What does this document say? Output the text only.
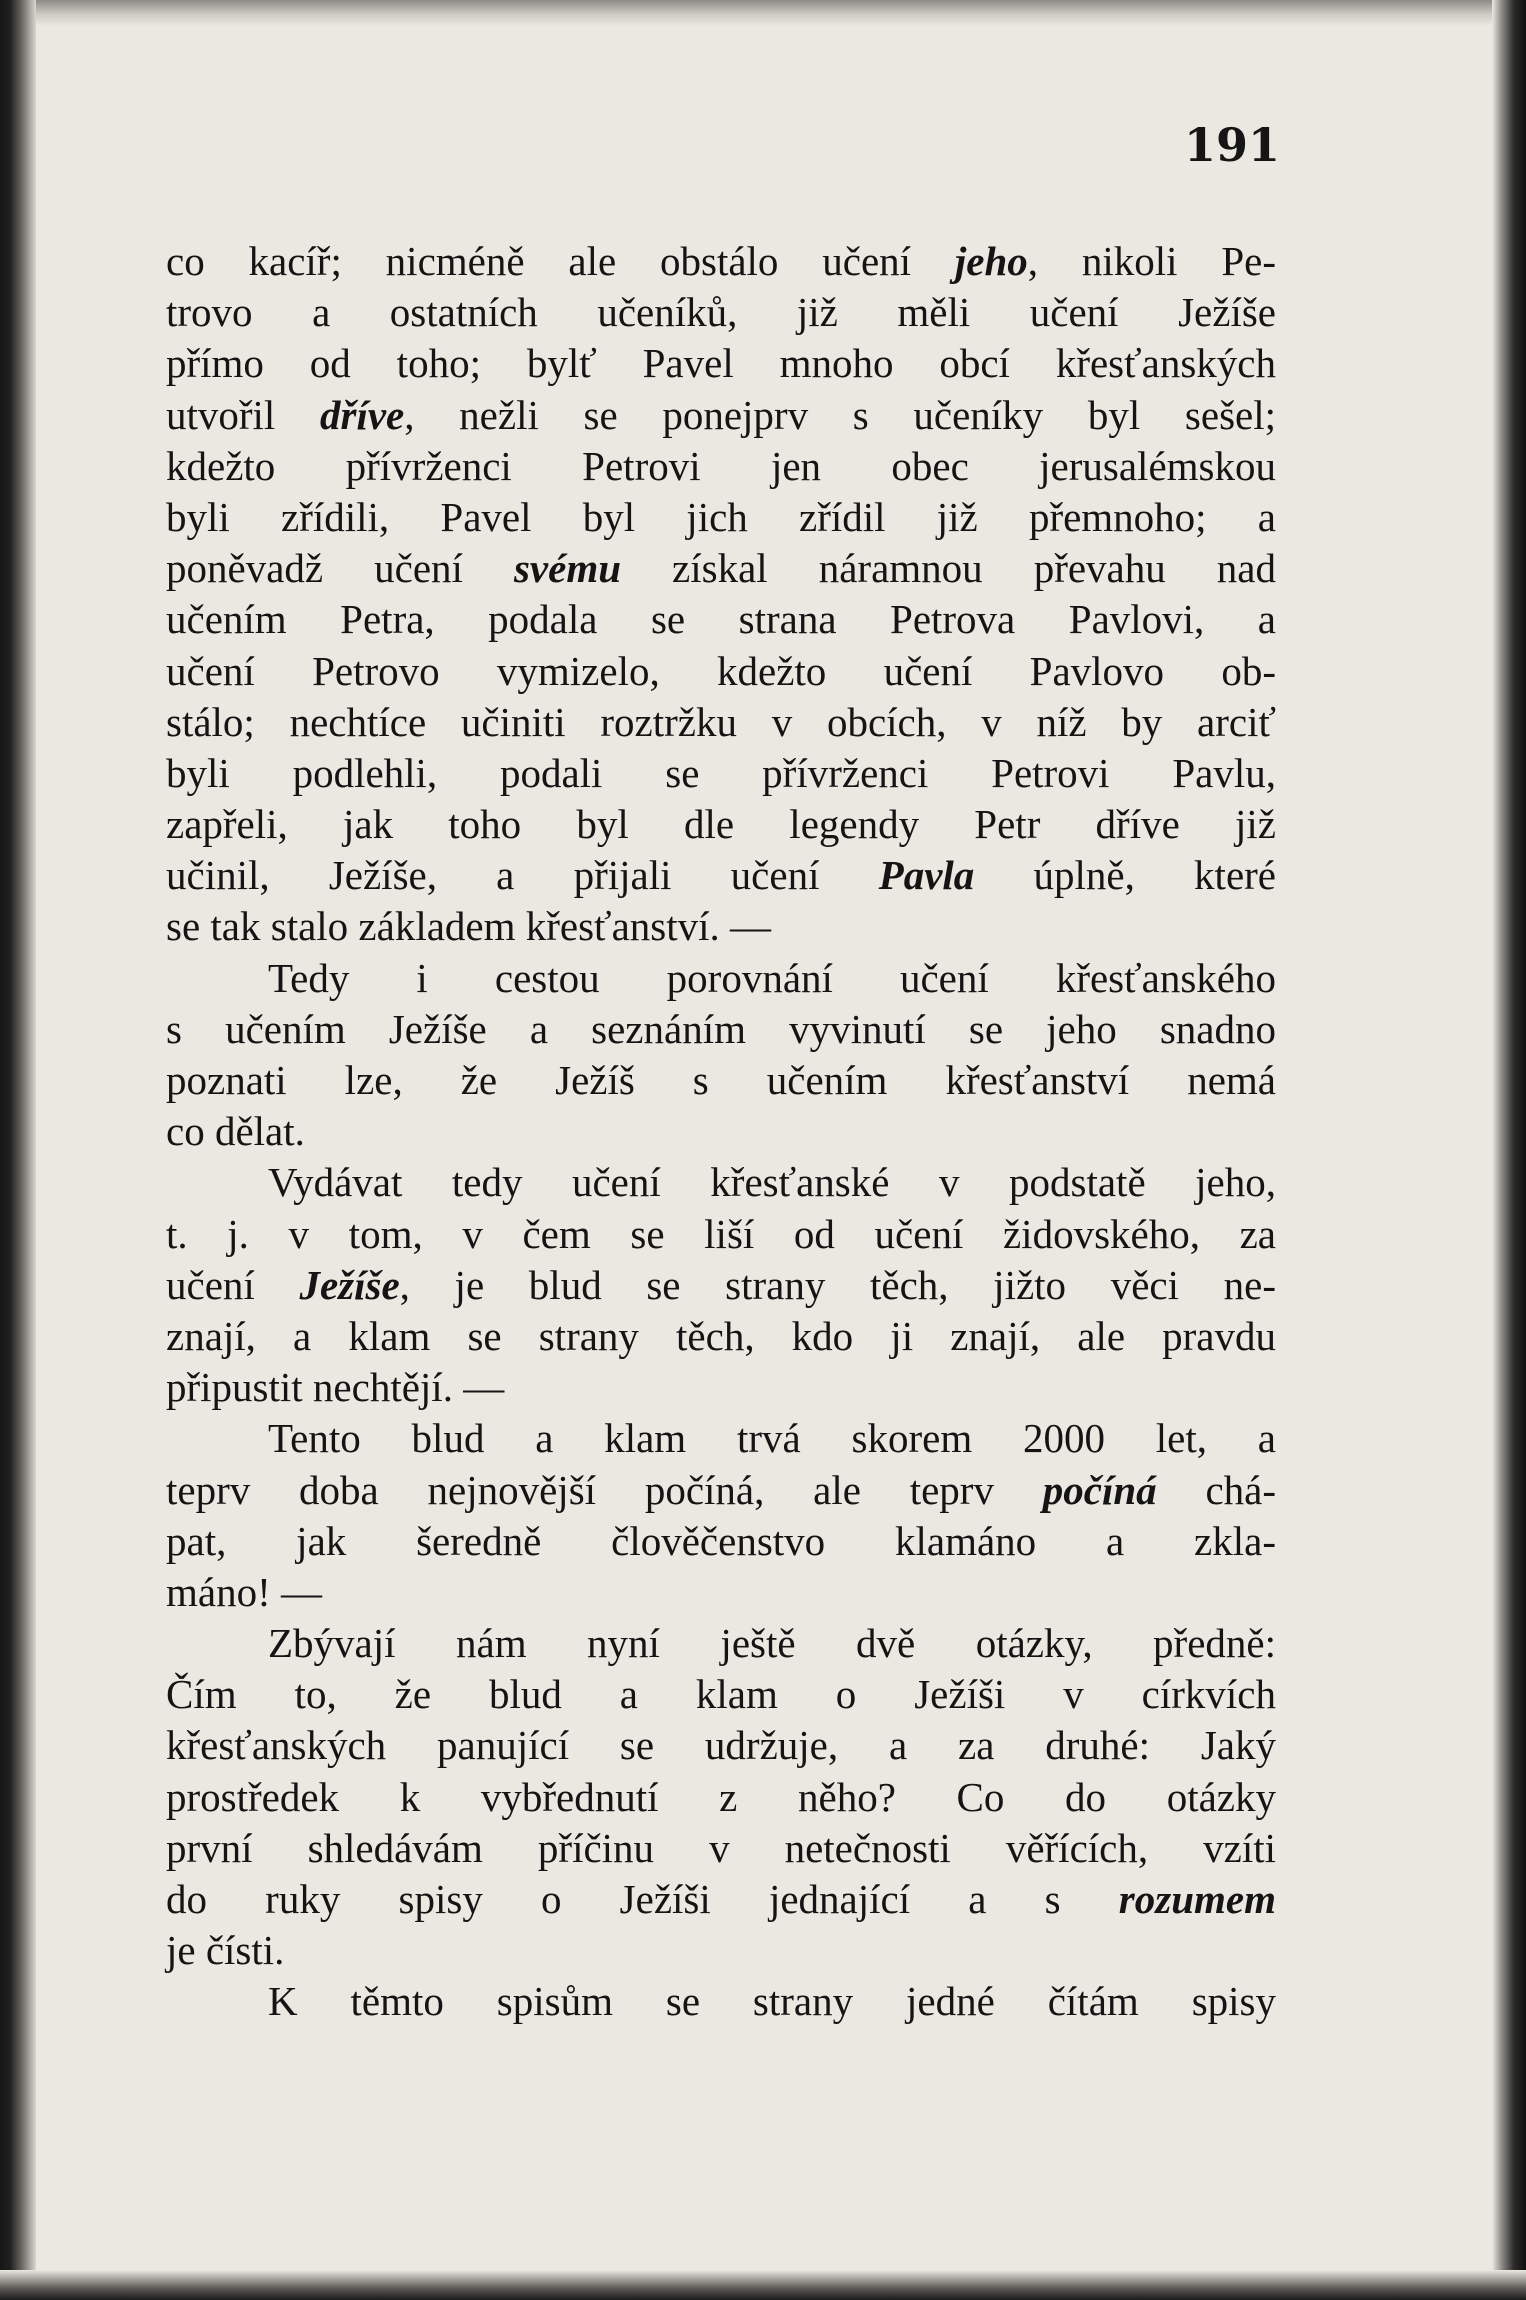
191
co kacíř; nicméně ale obstálo učení jeho, nikoli Pe-
trovo a ostatních učeníků, již měli učení Ježíše
přímo od toho; bylť Pavel mnoho obcí křesťanských
utvořil dříve, nežli se ponejprv s učeníky byl sešel;
kdežto přívrženci Petrovi jen obec jerusalémskou
byli zřídili, Pavel byl jich zřídil již přemnoho; a
poněvadž učení svému získal náramnou převahu nad
učením Petra, podala se strana Petrova Pavlovi, a
učení Petrovo vymizelo, kdežto učení Pavlovo ob-
stálo; nechtíce učiniti roztržku v obcích, v níž by arciť
byli podlehli, podali se přívrženci Petrovi Pavlu,
zapřeli, jak toho byl dle legendy Petr dříve již
učinil, Ježíše, a přijali učení Pavla úplně, které
se tak stalo základem křesťanství. —
Tedy i cestou porovnání učení křesťanského
s učením Ježíše a seznáním vyvinutí se jeho snadno
poznati lze, že Ježíš s učením křesťanství nemá
co dělat.
Vydávat tedy učení křesťanské v podstatě jeho,
t. j. v tom, v čem se liší od učení židovského, za
učení Ježíše, je blud se strany těch, jižto věci ne-
znají, a klam se strany těch, kdo ji znají, ale pravdu
připustit nechtějí. —
Tento blud a klam trvá skorem 2000 let, a
teprv doba nejnovější počíná, ale teprv počíná chá-
pat, jak šeredně člověčenstvo klamáno a zkla-
máno! —
Zbývají nám nyní ještě dvě otázky, předně:
Čím to, že blud a klam o Ježíši v církvích
křesťanských panující se udržuje, a za druhé: Jaký
prostředek k vybřednutí z něho? Co do otázky
první shledávám příčinu v netečnosti věřících, vzíti
do ruky spisy o Ježíši jednající a s rozumem
je čísti.
K těmto spisům se strany jedné čítám spisy
